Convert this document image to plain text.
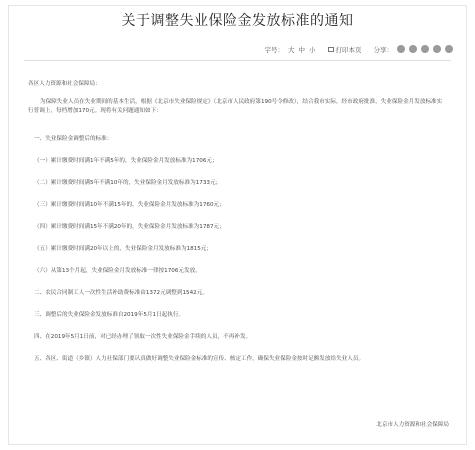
关于调整失业保险金发放标准的通知
字号： 大 中 小	打印本页 分享：

各区人力资源和社会保障局：

为保障失业人员在失业期间的基本生活，根据《北京市失业保险规定》（北京市人民政府第190号令修改），结合我市实际，经市政府批准，失业保险金月发放标准实行普调上，每档增加170元。现将有关问题通知如下：

一、失业保险金调整后的标准：

（一）累计缴费时间满1年不满5年的，失业保险金月发放标准为1706元；

（二）累计缴费时间满5年不满10年的，失业保险金月发放标准为1733元；

（三）累计缴费时间满10年不满15年的，失业保险金月发放标准为1760元；

（四）累计缴费时间满15年不满20年的，失业保险金月发放标准为1787元；

（五）累计缴费时间满20年以上的，失业保险金月发放标准为1815元；

（六）从第13个月起，失业保险金月发放标准一律按1706元发放。

二、农民合同制工人一次性生活补助费标准由1372元调整到1542元。

三、调整后的失业保险金发放标准自2019年5月1日起执行。

四、在2019年5月1日前，对已经办理了领取一次性失业保险金手续的人员，不再补发。

五、各区、街道（乡镇）人力社保部门要认真做好调整失业保险金标准的宣传、核定工作，确保失业保险金按时足额发放给失业人员。

北京市人力资源和社会保障局
